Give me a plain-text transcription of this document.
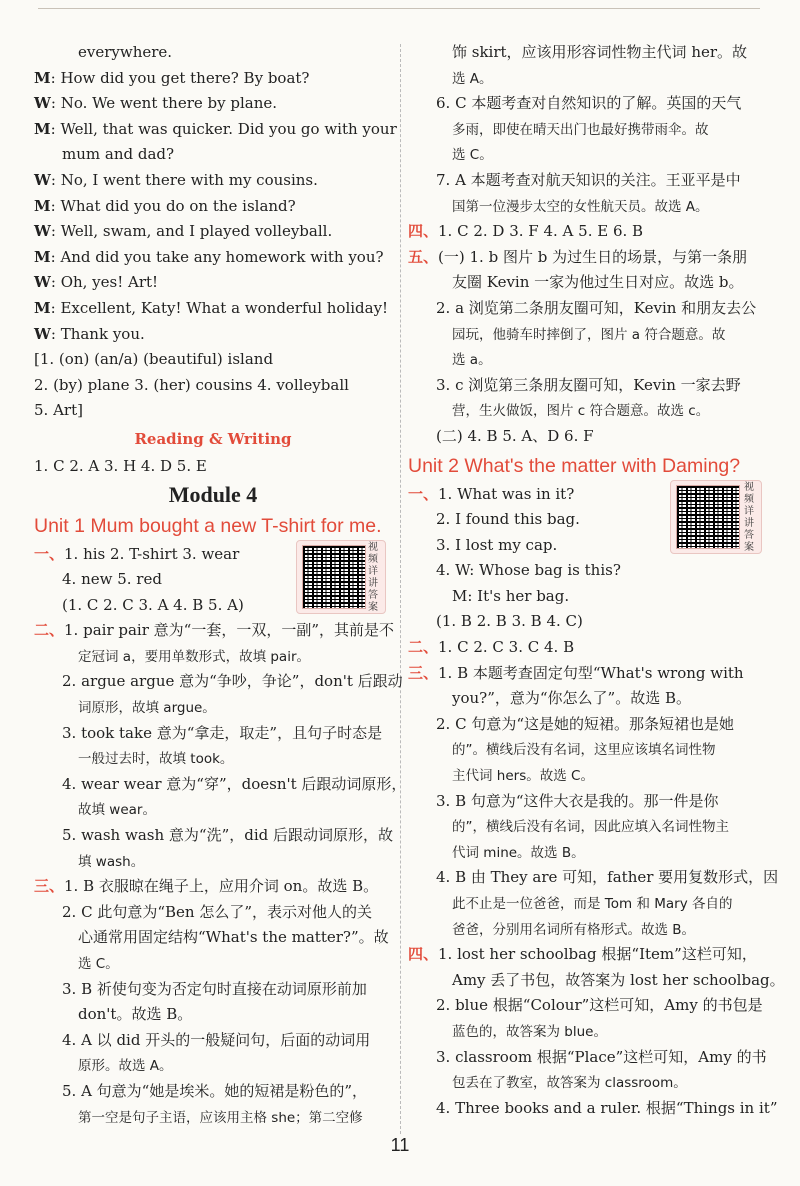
everywhere.
M: How did you get there? By boat?
W: No. We went there by plane.
M: Well, that was quicker. Did you go with your
mum and dad?
W: No, I went there with my cousins.
M: What did you do on the island?
W: Well, swam, and I played volleyball.
M: And did you take any homework with you?
W: Oh, yes! Art!
M: Excellent, Katy! What a wonderful holiday!
W: Thank you.
[1. (on) (an/a) (beautiful) island
2. (by) plane 3. (her) cousins 4. volleyball
5. Art]
Reading & Writing
1. C 2. A 3. H 4. D 5. E
Module 4
Unit 1 Mum bought a new T-shirt for me.
一、1. his 2. T-shirt 3. wear
4. new 5. red
(1. C 2. C 3. A 4. B 5. A)
二、1. pair pair 意为“一套，一双，一副”，其前是不
定冠词 a，要用单数形式，故填 pair。
2. argue argue 意为“争吵，争论”，don't 后跟动
词原形，故填 argue。
3. took take 意为“拿走，取走”，且句子时态是
一般过去时，故填 took。
4. wear wear 意为“穿”，doesn't 后跟动词原形，
故填 wear。
5. wash wash 意为“洗”，did 后跟动词原形，故
填 wash。
三、1. B 衣服晾在绳子上，应用介词 on。故选 B。
2. C 此句意为“Ben 怎么了”，表示对他人的关
心通常用固定结构“What's the matter?”。故
选 C。
3. B 祈使句变为否定句时直接在动词原形前加
don't。故选 B。
4. A 以 did 开头的一般疑问句，后面的动词用
原形。故选 A。
5. A 句意为“她是埃米。她的短裙是粉色的”，
第一空是句子主语，应该用主格 she；第二空修
饰 skirt，应该用形容词性物主代词 her。故
选 A。
6. C 本题考查对自然知识的了解。英国的天气
多雨，即使在晴天出门也最好携带雨伞。故
选 C。
7. A 本题考查对航天知识的关注。王亚平是中
国第一位漫步太空的女性航天员。故选 A。
四、1. C 2. D 3. F 4. A 5. E 6. B
五、(一) 1. b 图片 b 为过生日的场景，与第一条朋
友圈 Kevin 一家为他过生日对应。故选 b。
2. a 浏览第二条朋友圈可知，Kevin 和朋友去公
园玩，他骑车时摔倒了，图片 a 符合题意。故
选 a。
3. c 浏览第三条朋友圈可知，Kevin 一家去野
营，生火做饭，图片 c 符合题意。故选 c。
(二) 4. B 5. A、D 6. F
Unit 2 What's the matter with Daming?
一、1. What was in it?
2. I found this bag.
3. I lost my cap.
4. W: Whose bag is this?
M: It's her bag.
(1. B 2. B 3. B 4. C)
二、1. C 2. C 3. C 4. B
三、1. B 本题考查固定句型“What's wrong with
you?”，意为“你怎么了”。故选 B。
2. C 句意为“这是她的短裙。那条短裙也是她
的”。横线后没有名词，这里应该填名词性物
主代词 hers。故选 C。
3. B 句意为“这件大衣是我的。那一件是你
的”，横线后没有名词，因此应填入名词性物主
代词 mine。故选 B。
4. B 由 They are 可知，father 要用复数形式，因
此不止是一位爸爸，而是 Tom 和 Mary 各自的
爸爸，分别用名词所有格形式。故选 B。
四、1. lost her schoolbag 根据“Item”这栏可知，
Amy 丢了书包，故答案为 lost her schoolbag。
2. blue 根据“Colour”这栏可知，Amy 的书包是
蓝色的，故答案为 blue。
3. classroom 根据“Place”这栏可知，Amy 的书
包丢在了教室，故答案为 classroom。
4. Three books and a ruler. 根据“Things in it”
视频详讲答案
视频详讲答案
11
